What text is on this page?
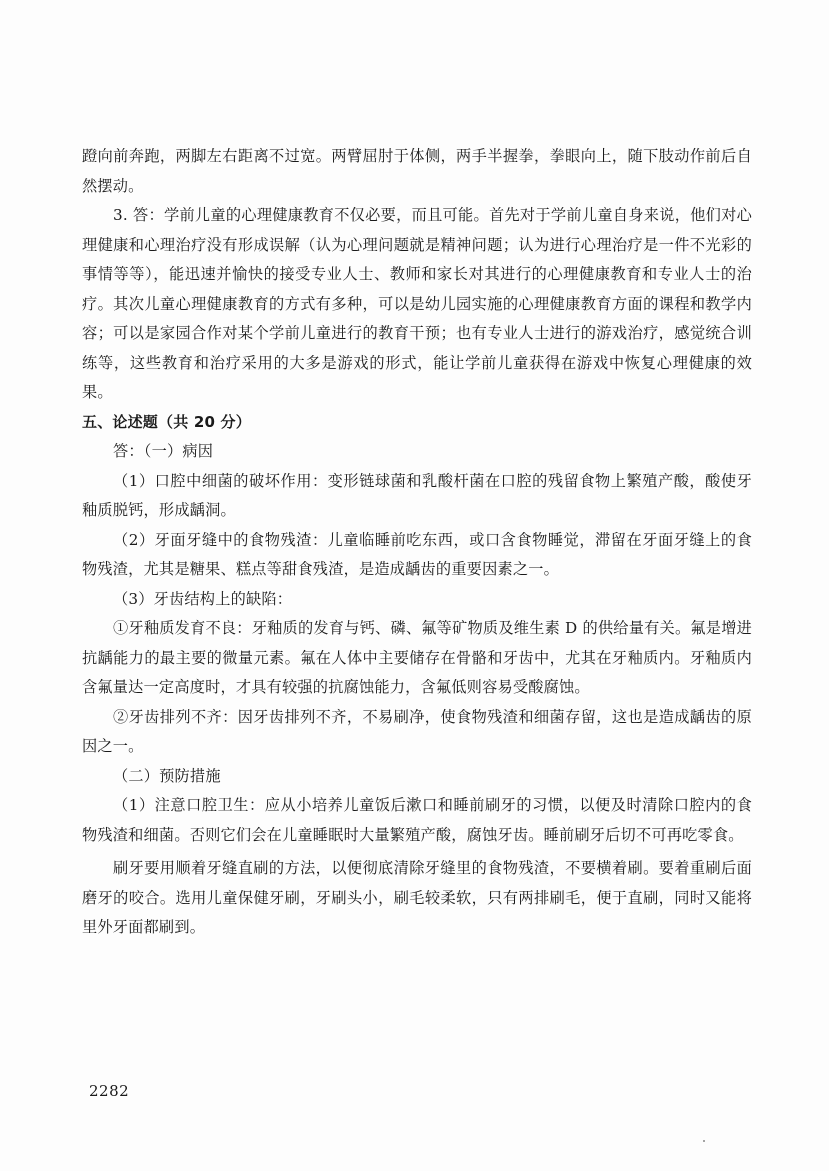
蹬向前奔跑，两脚左右距离不过宽。两臂屈肘于体侧，两手半握拳，拳眼向上，随下肢动作前后自然摆动。

3. 答：学前儿童的心理健康教育不仅必要，而且可能。首先对于学前儿童自身来说，他们对心理健康和心理治疗没有形成误解（认为心理问题就是精神问题；认为进行心理治疗是一件不光彩的事情等等），能迅速并愉快的接受专业人士、教师和家长对其进行的心理健康教育和专业人士的治疗。其次儿童心理健康教育的方式有多种，可以是幼儿园实施的心理健康教育方面的课程和教学内容；可以是家园合作对某个学前儿童进行的教育干预；也有专业人士进行的游戏治疗，感觉统合训练等，这些教育和治疗采用的大多是游戏的形式，能让学前儿童获得在游戏中恢复心理健康的效果。

五、论述题（共 20 分）

答：（一）病因

（1）口腔中细菌的破坏作用：变形链球菌和乳酸杆菌在口腔的残留食物上繁殖产酸，酸使牙釉质脱钙，形成龋洞。

（2）牙面牙缝中的食物残渣：儿童临睡前吃东西，或口含食物睡觉，滞留在牙面牙缝上的食物残渣，尤其是糖果、糕点等甜食残渣，是造成龋齿的重要因素之一。

（3）牙齿结构上的缺陷：

①牙釉质发育不良：牙釉质的发育与钙、磷、氟等矿物质及维生素 D 的供给量有关。氟是增进抗龋能力的最主要的微量元素。氟在人体中主要储存在骨骼和牙齿中，尤其在牙釉质内。牙釉质内含氟量达一定高度时，才具有较强的抗腐蚀能力，含氟低则容易受酸腐蚀。

②牙齿排列不齐：因牙齿排列不齐，不易刷净，使食物残渣和细菌存留，这也是造成龋齿的原因之一。

（二）预防措施

（1）注意口腔卫生：应从小培养儿童饭后漱口和睡前刷牙的习惯，以便及时清除口腔内的食物残渣和细菌。否则它们会在儿童睡眠时大量繁殖产酸，腐蚀牙齿。睡前刷牙后切不可再吃零食。

刷牙要用顺着牙缝直刷的方法，以便彻底清除牙缝里的食物残渣，不要横着刷。要着重刷后面磨牙的咬合。选用儿童保健牙刷，牙刷头小，刷毛较柔软，只有两排刷毛，便于直刷，同时又能将里外牙面都刷到。

2282
